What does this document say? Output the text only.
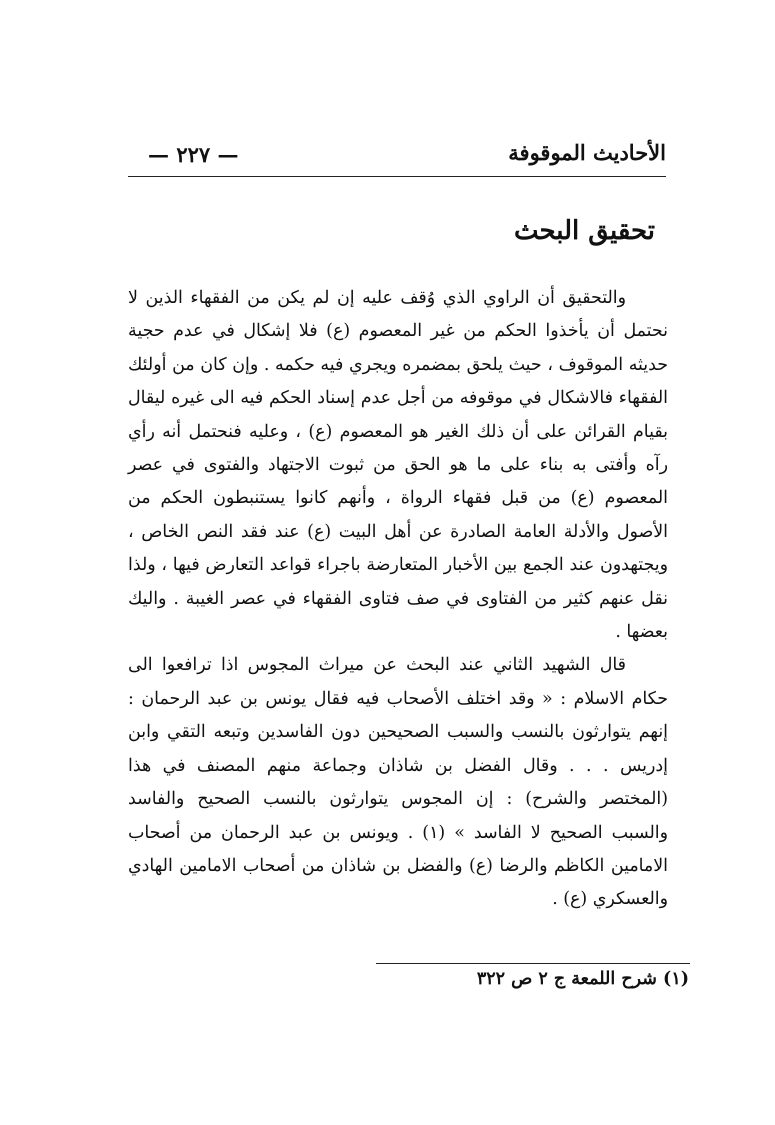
الأحاديث الموقوفة
— ٢٢٧ —
تحقيق البحث

والتحقيق أن الراوي الذي وُقف عليه إن لم يكن من الفقهاء الذين لا نحتمل أن يأخذوا الحكم من غير المعصوم (ع) فلا إشكال في عدم حجية حديثه الموقوف ، حيث يلحق بمضمره ويجري فيه حكمه . وإن كان من أولئك الفقهاء فالاشكال في موقوفه من أجل عدم إسناد الحكم فيه الى غيره ليقال بقيام القرائن على أن ذلك الغير هو المعصوم (ع) ، وعليه فنحتمل أنه رأي رآه وأفتى به بناء على ما هو الحق من ثبوت الاجتهاد والفتوى في عصر المعصوم (ع) من قبل فقهاء الرواة ، وأنهم كانوا يستنبطون الحكم من الأصول والأدلة العامة الصادرة عن أهل البيت (ع) عند فقد النص الخاص ، ويجتهدون عند الجمع بين الأخبار المتعارضة باجراء قواعد التعارض فيها ، ولذا نقل عنهم كثير من الفتاوى في صف فتاوى الفقهاء في عصر الغيبة . واليك بعضها .

قال الشهيد الثاني عند البحث عن ميراث المجوس اذا ترافعوا الى حكام الاسلام : « وقد اختلف الأصحاب فيه فقال يونس بن عبد الرحمان : إنهم يتوارثون بالنسب والسبب الصحيحين دون الفاسدين وتبعه التقي وابن إدريس . . . وقال الفضل بن شاذان وجماعة منهم المصنف في هذا (المختصر والشرح) : إن المجوس يتوارثون بالنسب الصحيح والفاسد والسبب الصحيح لا الفاسد » (١) . ويونس بن عبد الرحمان من أصحاب الامامين الكاظم والرضا (ع) والفضل بن شاذان من أصحاب الامامين الهادي والعسكري (ع) .

(١) شرح اللمعة ج ٢ ص ٣٢٢
